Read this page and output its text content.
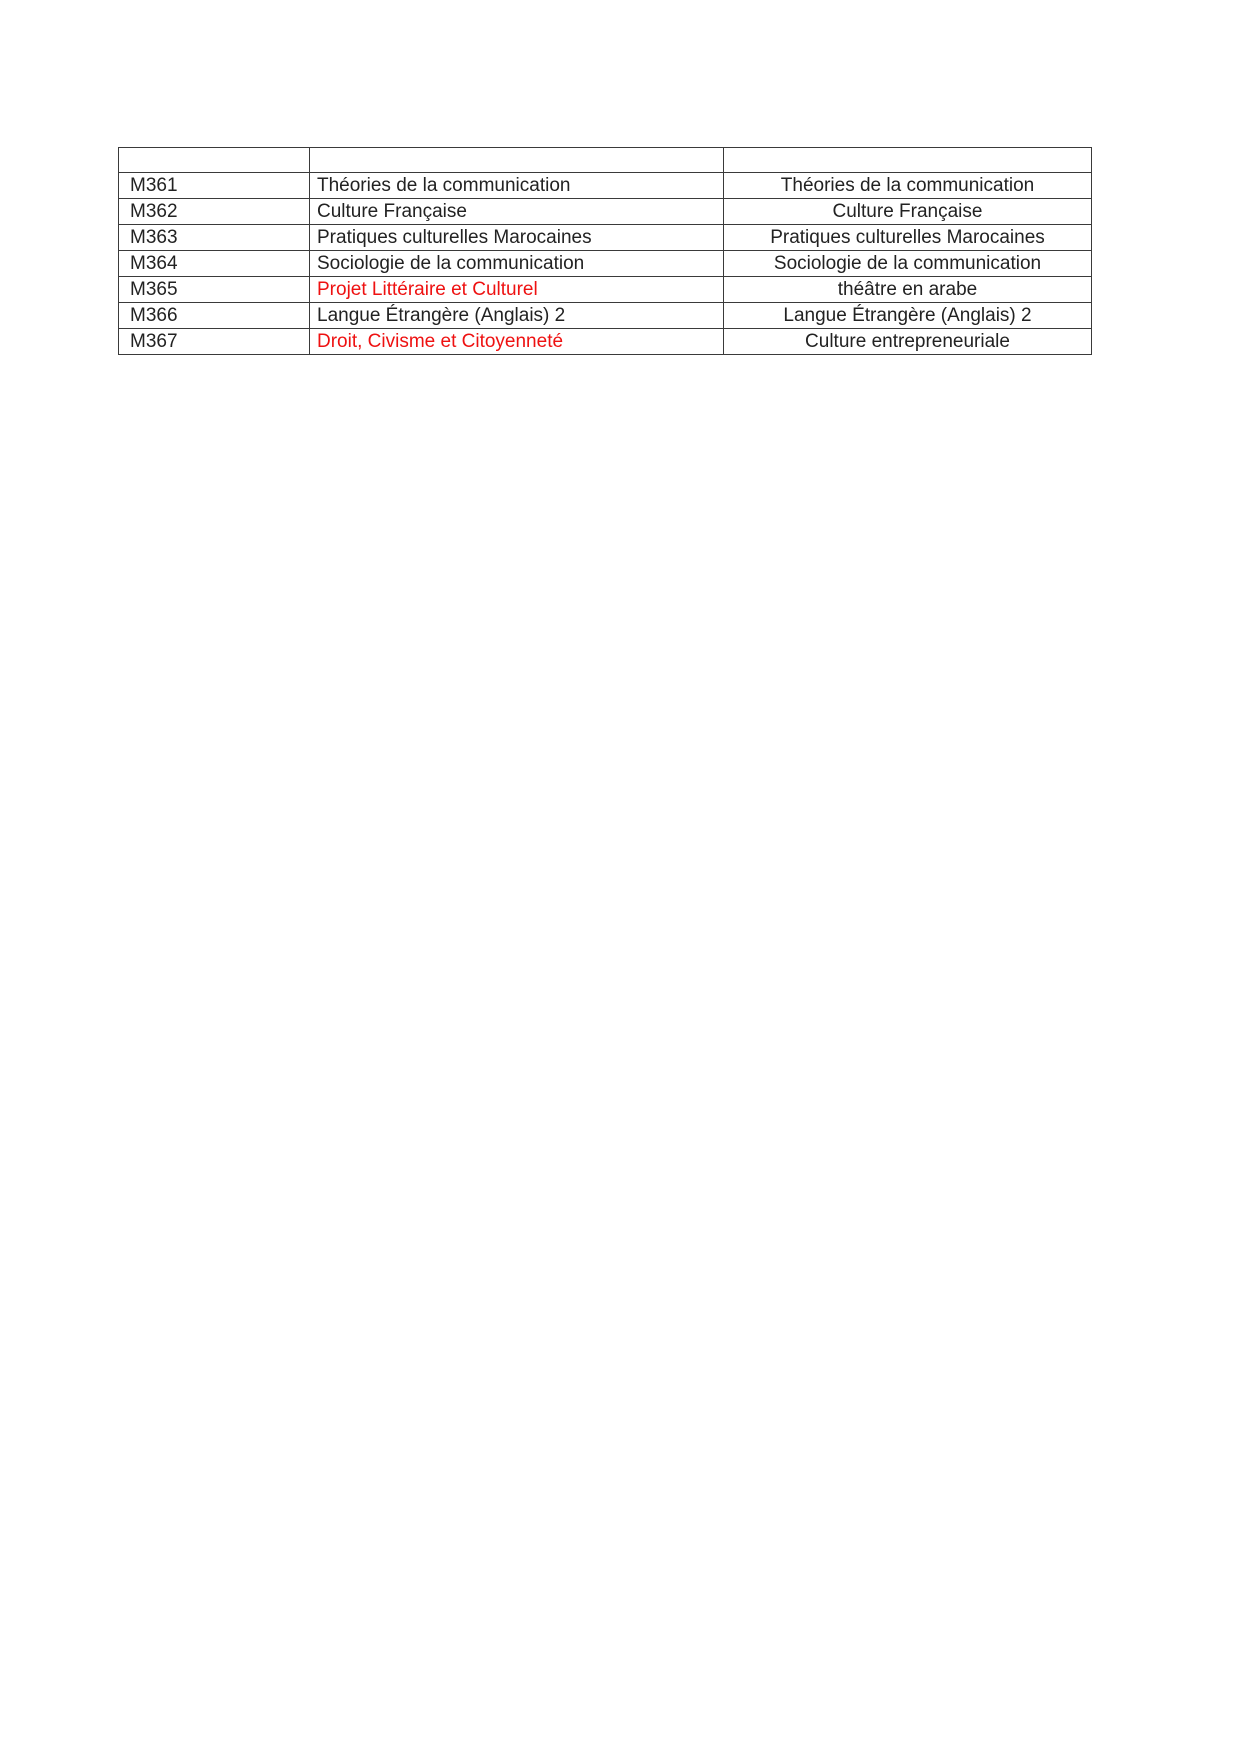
M361	Théories de la communication	Théories de la communication
M362	Culture Française	Culture Française
M363	Pratiques culturelles Marocaines	Pratiques culturelles Marocaines
M364	Sociologie de la communication	Sociologie de la communication
M365	Projet Littéraire et Culturel	théâtre en arabe
M366	Langue Étrangère (Anglais) 2	Langue Étrangère (Anglais) 2
M367	Droit, Civisme et Citoyenneté	Culture entrepreneuriale
